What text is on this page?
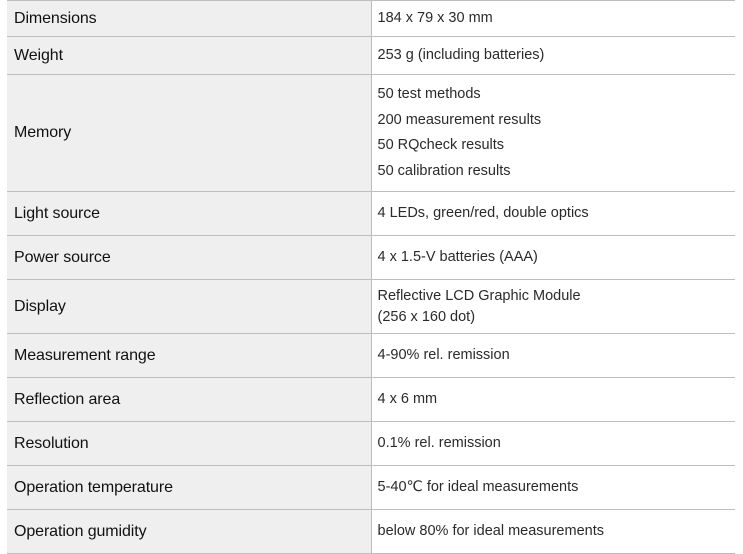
Dimensions	184 x 79 x 30 mm

Weight	253 g (including batteries)

Memory	50 test methods
200 measurement results
50 RQcheck results
50 calibration results

Light source	4 LEDs, green/red, double optics

Power source	4 x 1.5-V batteries (AAA)

Display	Reflective LCD Graphic Module
(256 x 160 dot)

Measurement range	4-90% rel. remission

Reflection area	4 x 6 mm

Resolution	0.1% rel. remission

Operation temperature	5-40℃ for ideal measurements

Operation gumidity	below 80% for ideal measurements
